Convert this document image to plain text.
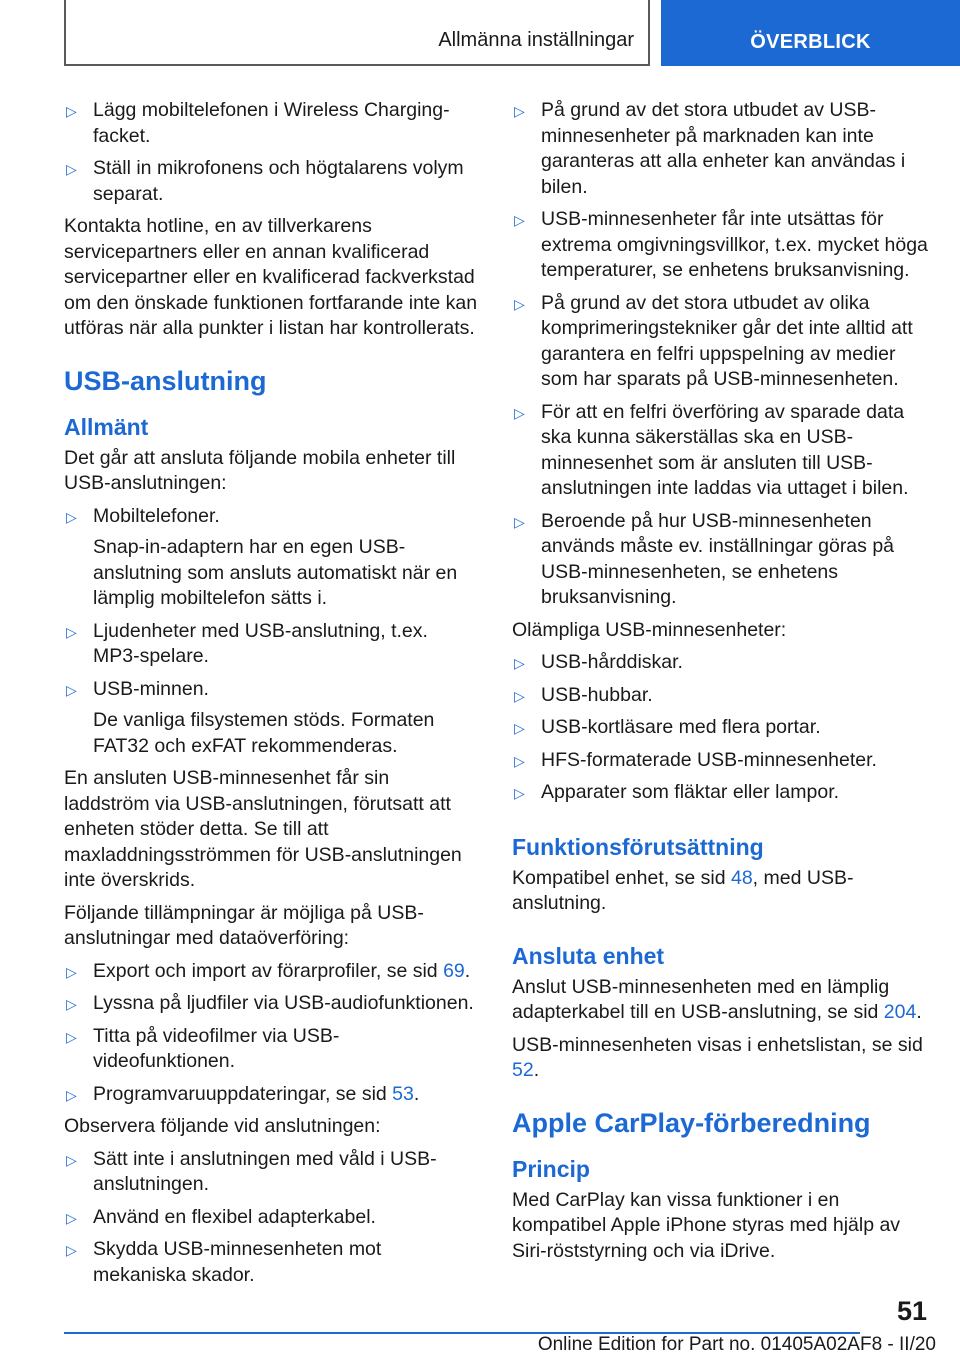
Allmänna inställningar	ÖVERBLICK
▷ Lägg mobiltelefonen i Wireless Charging-facket.
▷ Ställ in mikrofonens och högtalarens volym separat.
Kontakta hotline, en av tillverkarens servicepartners eller en annan kvalificerad servicepartner eller en kvalificerad fackverkstad om den önskade funktionen fortfarande inte kan utföras när alla punkter i listan har kontrollerats.
USB-anslutning
Allmänt
Det går att ansluta följande mobila enheter till USB-anslutningen:
▷ Mobiltelefoner.
Snap-in-adaptern har en egen USB-anslutning som ansluts automatiskt när en lämplig mobiltelefon sätts i.
▷ Ljudenheter med USB-anslutning, t.ex. MP3-spelare.
▷ USB-minnen.
De vanliga filsystemen stöds. Formaten FAT32 och exFAT rekommenderas.
En ansluten USB-minnesenhet får sin laddström via USB-anslutningen, förutsatt att enheten stöder detta. Se till att maxladdningsströmmen för USB-anslutningen inte överskrids.
Följande tillämpningar är möjliga på USB-anslutningar med dataöverföring:
▷ Export och import av förarprofiler, se sid 69.
▷ Lyssna på ljudfiler via USB-audiofunktionen.
▷ Titta på videofilmer via USB-videofunktionen.
▷ Programvaruuppdateringar, se sid 53.
Observera följande vid anslutningen:
▷ Sätt inte i anslutningen med våld i USB-anslutningen.
▷ Använd en flexibel adapterkabel.
▷ Skydda USB-minnesenheten mot mekaniska skador.
▷ På grund av det stora utbudet av USB-minnesenheter på marknaden kan inte garanteras att alla enheter kan användas i bilen.
▷ USB-minnesenheter får inte utsättas för extrema omgivningsvillkor, t.ex. mycket höga temperaturer, se enhetens bruksanvisning.
▷ På grund av det stora utbudet av olika komprimeringstekniker går det inte alltid att garantera en felfri uppspelning av medier som har sparats på USB-minnesenheten.
▷ För att en felfri överföring av sparade data ska kunna säkerställas ska en USB-minnesenhet som är ansluten till USB-anslutningen inte laddas via uttaget i bilen.
▷ Beroende på hur USB-minnesenheten används måste ev. inställningar göras på USB-minnesenheten, se enhetens bruksanvisning.
Olämpliga USB-minnesenheter:
▷ USB-hårddiskar.
▷ USB-hubbar.
▷ USB-kortläsare med flera portar.
▷ HFS-formaterade USB-minnesenheter.
▷ Apparater som fläktar eller lampor.
Funktionsförutsättning
Kompatibel enhet, se sid 48, med USB-anslutning.
Ansluta enhet
Anslut USB-minnesenheten med en lämplig adapterkabel till en USB-anslutning, se sid 204.
USB-minnesenheten visas i enhetslistan, se sid 52.
Apple CarPlay-förberedning
Princip
Med CarPlay kan vissa funktioner i en kompatibel Apple iPhone styras med hjälp av Siri-röststyrning och via iDrive.
51
Online Edition for Part no. 01405A02AF8 - II/20
